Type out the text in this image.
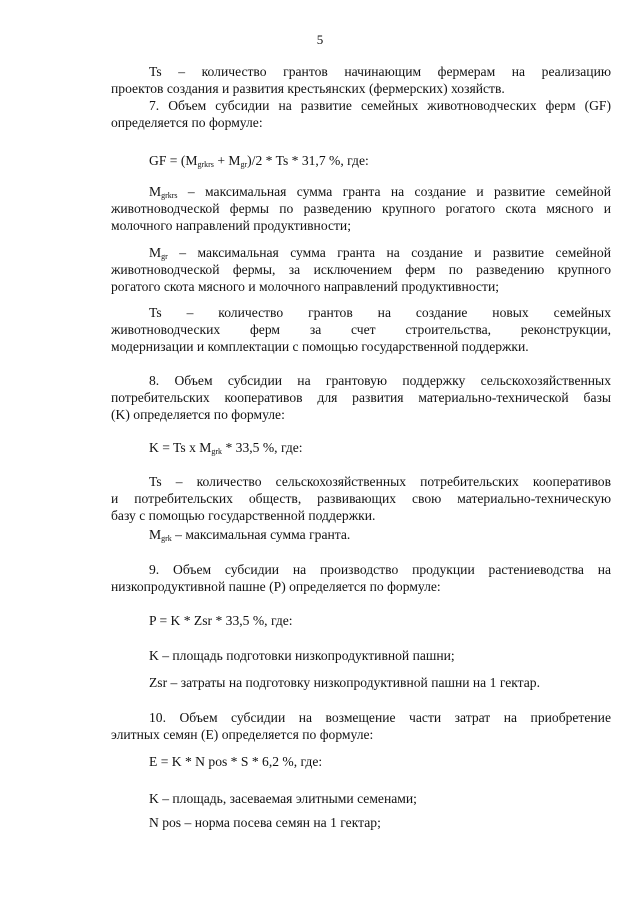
5
Ts – количество грантов начинающим фермерам на реализацию
проектов создания и развития крестьянских (фермерских) хозяйств.
7. Объем субсидии на развитие семейных животноводческих ферм (GF)
определяется по формуле:
GF = $(M_{grkrs} + M_{gr})/2 * Ts * 31,7$ %, где:
$M_{grkrs}$ – максимальная сумма гранта на создание и развитие семейной
животноводческой фермы по разведению крупного рогатого скота мясного и
молочного направлений продуктивности;
$M_{gr}$ – максимальная сумма гранта на создание и развитие семейной
животноводческой фермы, за исключением ферм по разведению крупного
рогатого скота мясного и молочного направлений продуктивности;
Ts – количество грантов на создание новых семейных
животноводческих ферм за счет строительства, реконструкции,
модернизации и комплектации с помощью государственной поддержки.
8. Объем субсидии на грантовую поддержку сельскохозяйственных
потребительских кооперативов для развития материально-технической базы
(K) определяется по формуле:
K = Ts x $M_{grk} * 33,5$ %, где:
Ts – количество сельскохозяйственных потребительских кооперативов
и потребительских обществ, развивающих свою материально-техническую
базу с помощью государственной поддержки.
$M_{grk}$ – максимальная сумма гранта.
9. Объем субсидии на производство продукции растениеводства на
низкопродуктивной пашне (P) определяется по формуле:
P = K * Zsr * 33,5 %, где:
K – площадь подготовки низкопродуктивной пашни;
Zsr – затраты на подготовку низкопродуктивной пашни на 1 гектар.
10. Объем субсидии на возмещение части затрат на приобретение
элитных семян (E) определяется по формуле:
E = K * N pos * S * 6,2 %, где:
K – площадь, засеваемая элитными семенами;
N pos – норма посева семян на 1 гектар;
